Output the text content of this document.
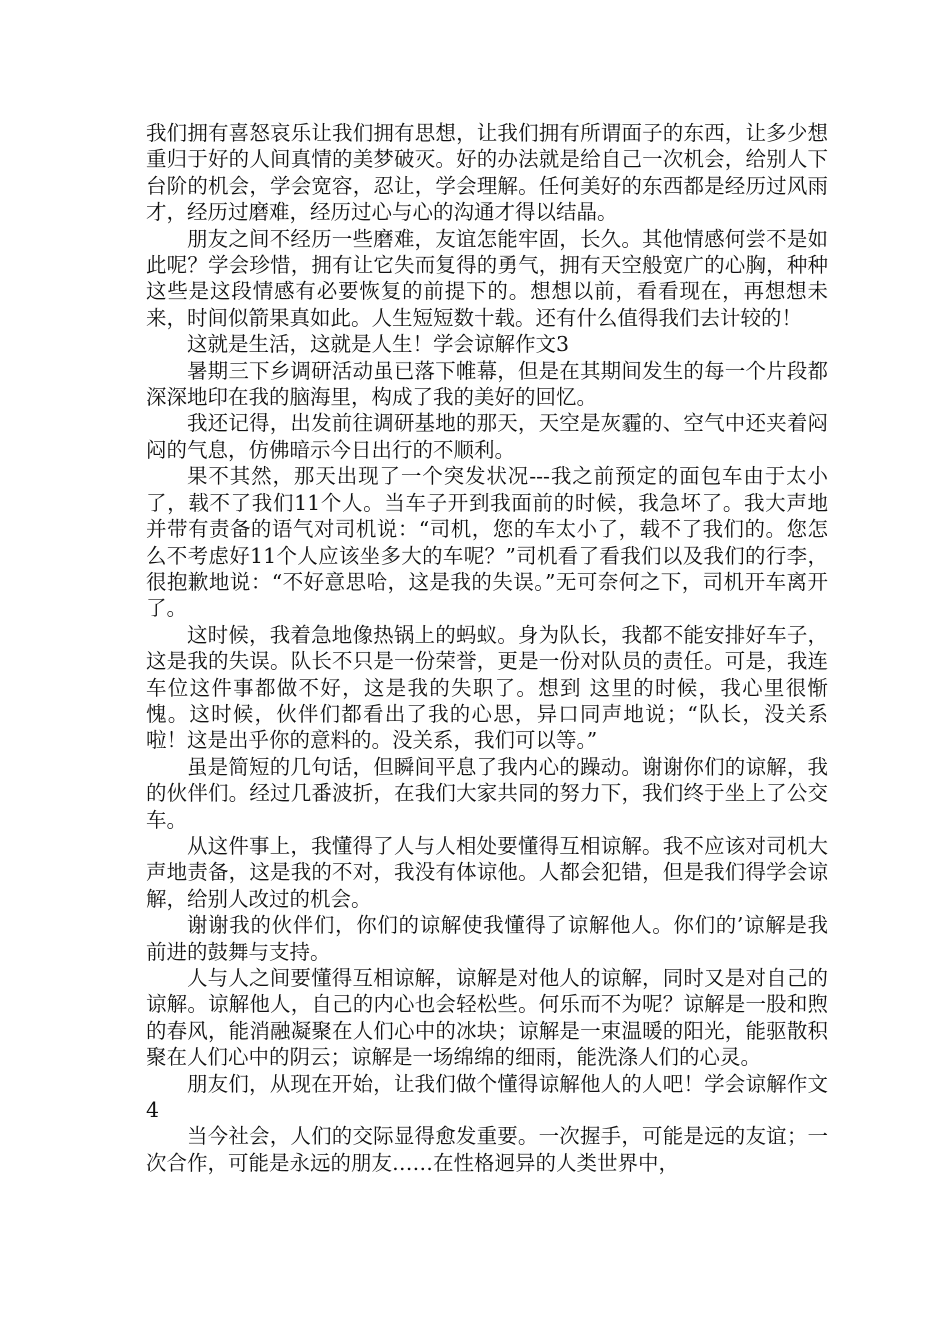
我们拥有喜怒哀乐让我们拥有思想，让我们拥有所谓面子的东西，让多少想重归于好的人间真情的美梦破灭。好的办法就是给自己一次机会，给别人下台阶的机会，学会宽容，忍让，学会理解。任何美好的东西都是经历过风雨才，经历过磨难，经历过心与心的沟通才得以结晶。

朋友之间不经历一些磨难，友谊怎能牢固，长久。其他情感何尝不是如此呢？学会珍惜，拥有让它失而复得的勇气，拥有天空般宽广的心胸，种种这些是这段情感有必要恢复的前提下的。想想以前，看看现在，再想想未来，时间似箭果真如此。人生短短数十载。还有什么值得我们去计较的！

这就是生活，这就是人生！学会谅解作文3

暑期三下乡调研活动虽已落下帷幕，但是在其期间发生的每一个片段都深深地印在我的脑海里，构成了我的美好的回忆。

我还记得，出发前往调研基地的那天，天空是灰霾的、空气中还夹着闷闷的气息，仿佛暗示今日出行的不顺利。

果不其然，那天出现了一个突发状况---我之前预定的面包车由于太小了，载不了我们11个人。当车子开到我面前的时候，我急坏了。我大声地并带有责备的语气对司机说：“司机，您的车太小了，载不了我们的。您怎么不考虑好11个人应该坐多大的车呢？”司机看了看我们以及我们的行李，很抱歉地说：“不好意思哈，这是我的失误。”无可奈何之下，司机开车离开了。

这时候，我着急地像热锅上的蚂蚁。身为队长，我都不能安排好车子，这是我的失误。队长不只是一份荣誉，更是一份对队员的责任。可是，我连车位这件事都做不好，这是我的失职了。想到 这里的时候，我心里很惭愧。这时候，伙伴们都看出了我的心思，异口同声地说；“队长，没关系啦！这是出乎你的意料的。没关系，我们可以等。”

虽是简短的几句话，但瞬间平息了我内心的躁动。谢谢你们的谅解，我的伙伴们。经过几番波折，在我们大家共同的努力下，我们终于坐上了公交车。

从这件事上，我懂得了人与人相处要懂得互相谅解。我不应该对司机大声地责备，这是我的不对，我没有体谅他。人都会犯错，但是我们得学会谅解，给别人改过的机会。

谢谢我的伙伴们，你们的谅解使我懂得了谅解他人。你们的’谅解是我前进的鼓舞与支持。

人与人之间要懂得互相谅解，谅解是对他人的谅解，同时又是对自己的谅解。谅解他人，自己的内心也会轻松些。何乐而不为呢？谅解是一股和煦的春风，能消融凝聚在人们心中的冰块；谅解是一束温暖的阳光，能驱散积聚在人们心中的阴云；谅解是一场绵绵的细雨，能洗涤人们的心灵。

朋友们，从现在开始，让我们做个懂得谅解他人的人吧！学会谅解作文4

当今社会，人们的交际显得愈发重要。一次握手，可能是远的友谊；一次合作，可能是永远的朋友……在性格迥异的人类世界中，
